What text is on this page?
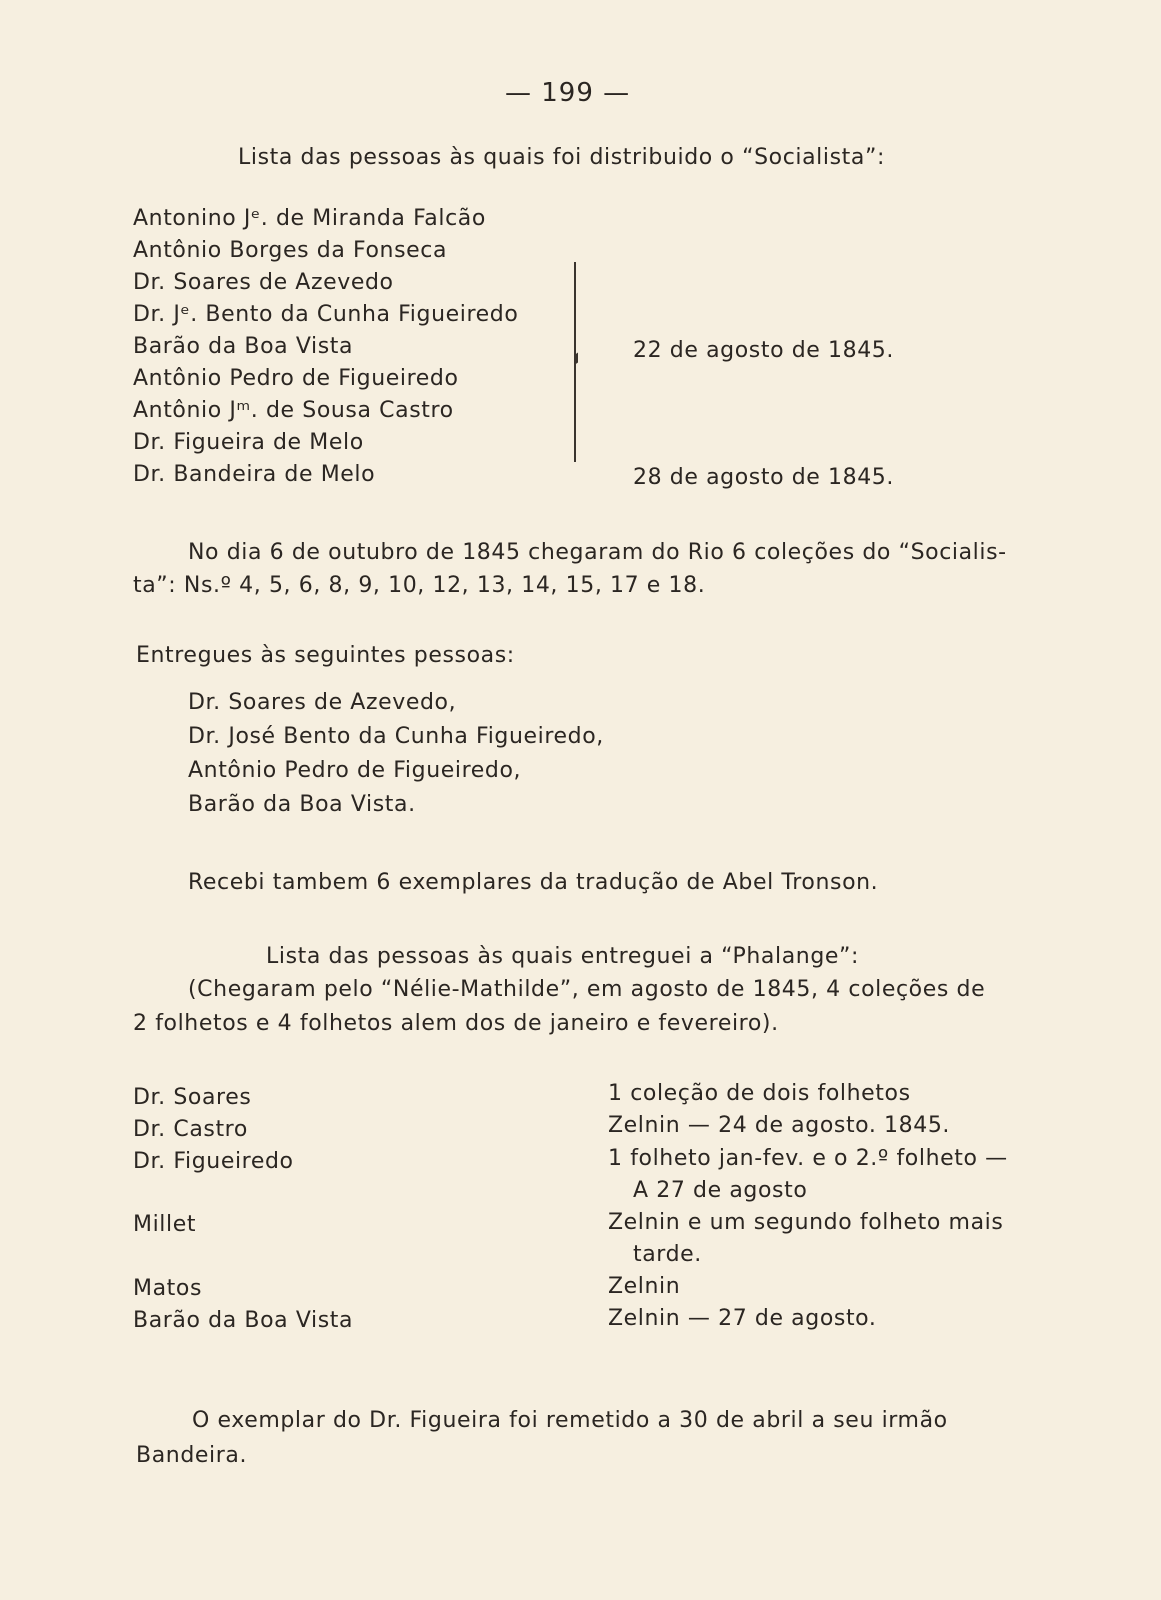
— 199 —
Lista das pessoas às quais foi distribuido o “Socialista”:
Antonino Jᵉ. de Miranda Falcão
Antônio Borges da Fonseca
Dr. Soares de Azevedo
Dr. Jᵉ. Bento da Cunha Figueiredo
Barão da Boa Vista
Antônio Pedro de Figueiredo
Antônio Jᵐ. de Sousa Castro
Dr. Figueira de Melo
Dr. Bandeira de Melo
22 de agosto de 1845.
28 de agosto de 1845.
No dia 6 de outubro de 1845 chegaram do Rio 6 coleções do “Socialis-
ta”: Ns.º 4, 5, 6, 8, 9, 10, 12, 13, 14, 15, 17 e 18.
Entregues às seguintes pessoas:
Dr. Soares de Azevedo,
Dr. José Bento da Cunha Figueiredo,
Antônio Pedro de Figueiredo,
Barão da Boa Vista.
Recebi tambem 6 exemplares da tradução de Abel Tronson.
Lista das pessoas às quais entreguei a “Phalange”:
(Chegaram pelo “Nélie-Mathilde”, em agosto de 1845, 4 coleções de
2 folhetos e 4 folhetos alem dos de janeiro e fevereiro).
Dr. Soares
Dr. Castro
Dr. Figueiredo
Millet
Matos
Barão da Boa Vista
1 coleção de dois folhetos
Zelnin — 24 de agosto. 1845.
1 folheto jan-fev. e o 2.º folheto —
A 27 de agosto
Zelnin e um segundo folheto mais
tarde.
Zelnin
Zelnin — 27 de agosto.
O exemplar do Dr. Figueira foi remetido a 30 de abril a seu irmão
Bandeira.
